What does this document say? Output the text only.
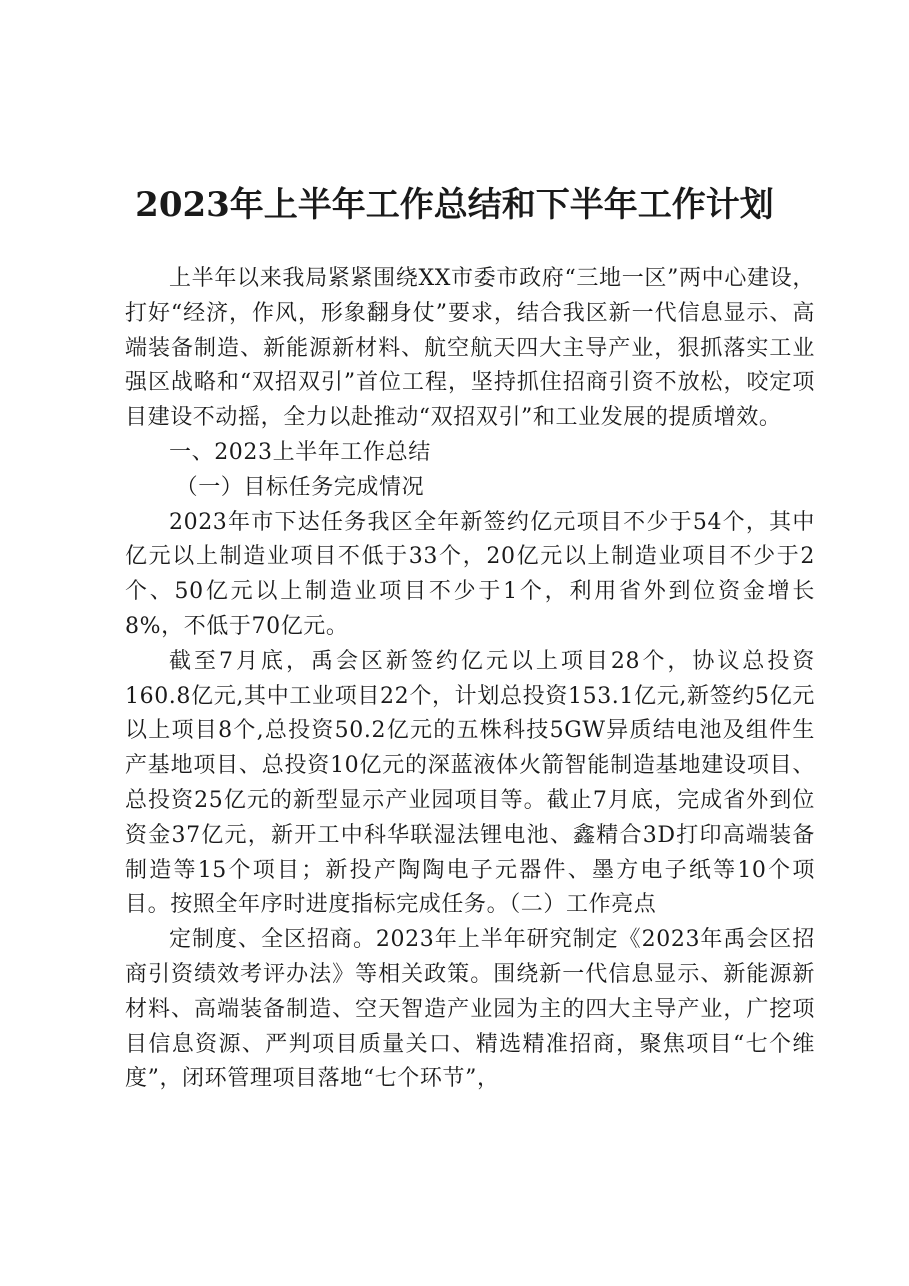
2023年上半年工作总结和下半年工作计划

上半年以来我局紧紧围绕XX市委市政府“三地一区”两中心建设，打好“经济，作风，形象翻身仗”要求，结合我区新一代信息显示、高端装备制造、新能源新材料、航空航天四大主导产业，狠抓落实工业强区战略和“双招双引”首位工程，坚持抓住招商引资不放松，咬定项目建设不动摇，全力以赴推动“双招双引”和工业发展的提质增效。

一、2023上半年工作总结

（一）目标任务完成情况

2023年市下达任务我区全年新签约亿元项目不少于54个，其中亿元以上制造业项目不低于33个，20亿元以上制造业项目不少于2个、50亿元以上制造业项目不少于1个，利用省外到位资金增长8%，不低于70亿元。

截至7月底，禹会区新签约亿元以上项目28个，协议总投资160.8亿元,其中工业项目22个，计划总投资153.1亿元,新签约5亿元以上项目8个,总投资50.2亿元的五株科技5GW异质结电池及组件生产基地项目、总投资10亿元的深蓝液体火箭智能制造基地建设项目、总投资25亿元的新型显示产业园项目等。截止7月底，完成省外到位资金37亿元，新开工中科华联湿法锂电池、鑫精合3D打印高端装备制造等15个项目；新投产陶陶电子元器件、墨方电子纸等10个项目。按照全年序时进度指标完成任务。（二）工作亮点

定制度、全区招商。2023年上半年研究制定《2023年禹会区招商引资绩效考评办法》等相关政策。围绕新一代信息显示、新能源新材料、高端装备制造、空天智造产业园为主的四大主导产业，广挖项目信息资源、严判项目质量关口、精选精准招商，聚焦项目“七个维度”，闭环管理项目落地“七个环节”，
